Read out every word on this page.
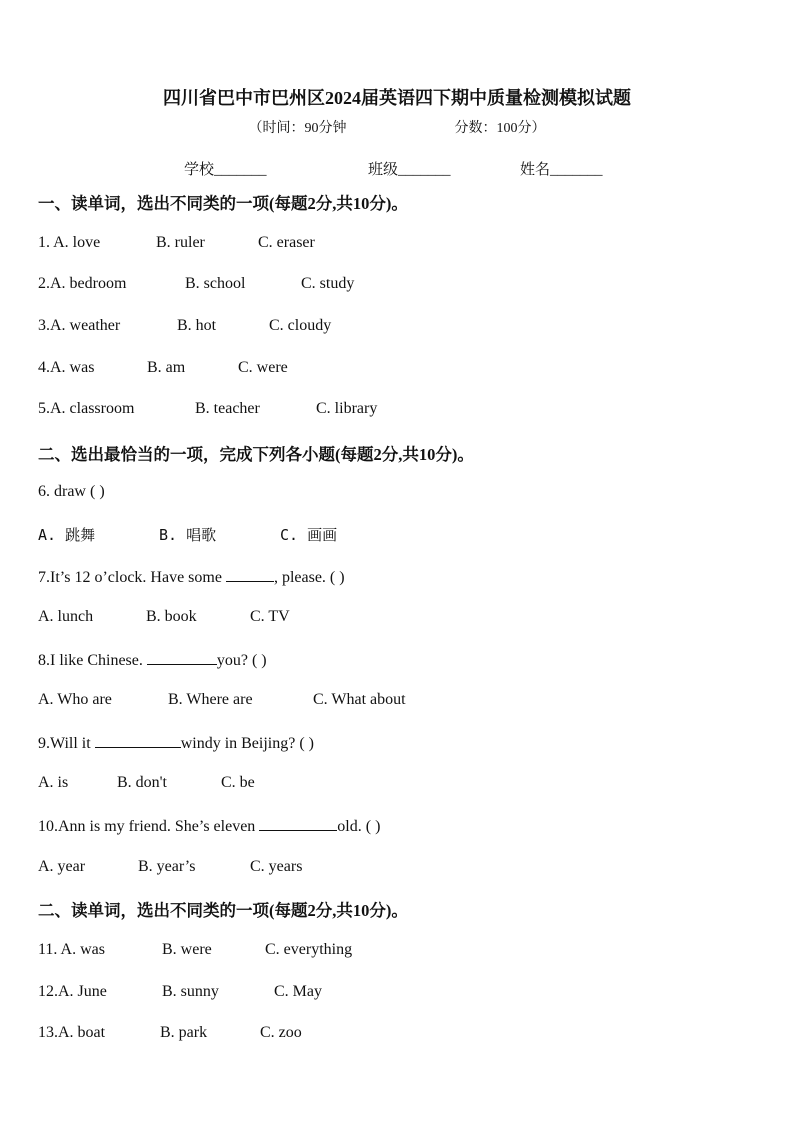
四川省巴中市巴州区2024届英语四下期中质量检测模拟试题
（时间：90分钟	分数：100分）
学校_______	班级_______	姓名_______
一、读单词，选出不同类的一项(每题2分,共10分)。
1. A. love	B. ruler	C. eraser
2.A. bedroom	B. school	C. study
3.A. weather	B. hot	C. cloudy
4.A. was	B. am	C. were
5.A. classroom	B. teacher	C. library
二、选出最恰当的一项，完成下列各小题(每题2分,共10分)。
6. draw ( )
A. 跳舞	B. 唱歌	C. 画画
7.It’s 12 o’clock. Have some	, please. ( )
A. lunch	B. book	C. TV
8.I like Chinese.	you? ( )
A. Who are	B. Where are	C. What about
9.Will it	windy in Beijing? ( )
A. is	B. don't	C. be
10.Ann is my friend. She’s eleven	old. ( )
A. year	B. year’s	C. years
二、读单词，选出不同类的一项(每题2分,共10分)。
11. A. was	B. were	C. everything
12.A. June	B. sunny	C. May
13.A. boat	B. park	C. zoo
